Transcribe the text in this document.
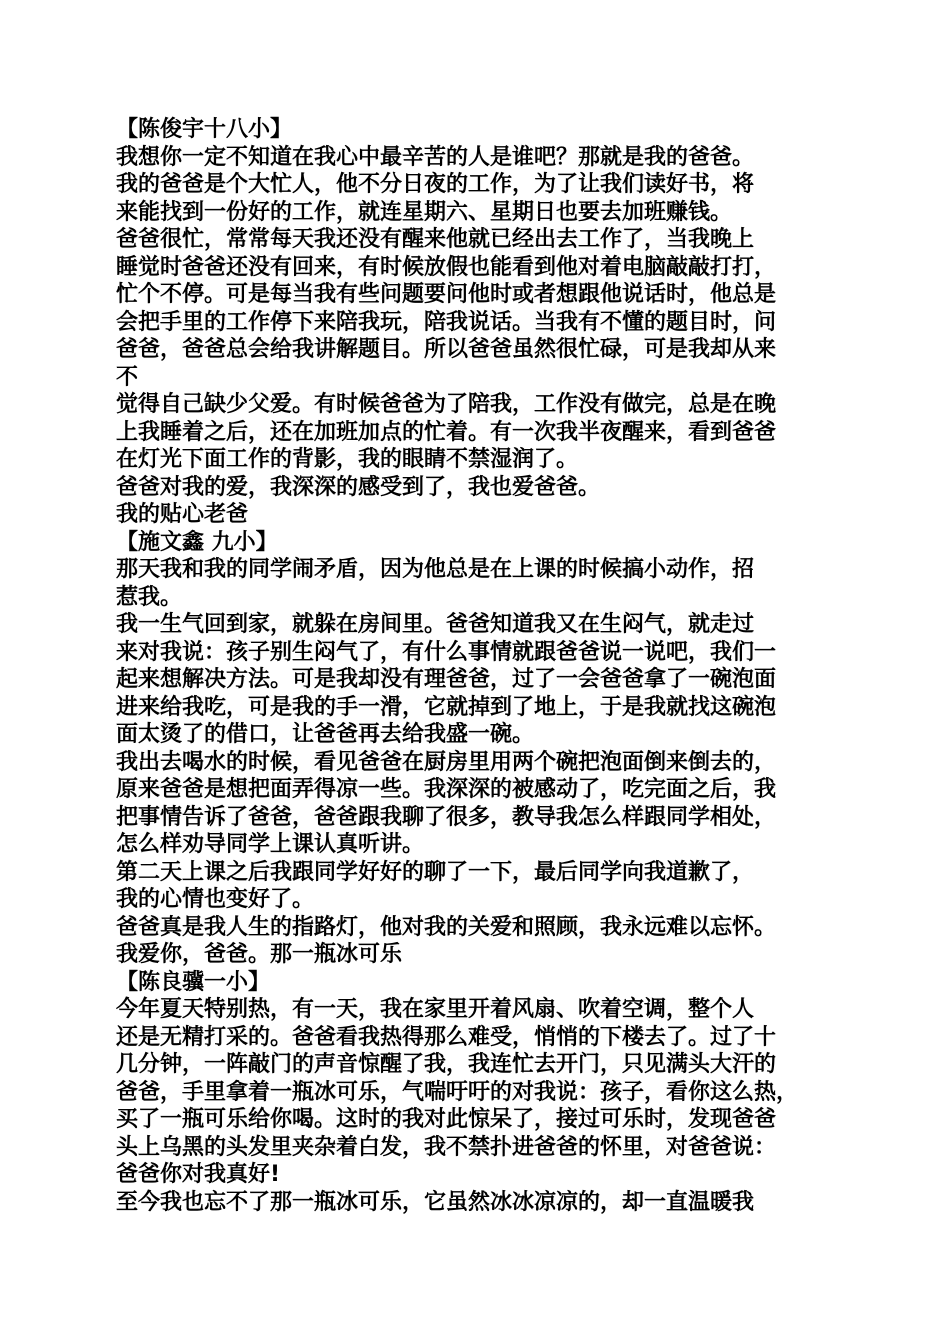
【陈俊宇十八小】
我想你一定不知道在我心中最辛苦的人是谁吧？那就是我的爸爸。
我的爸爸是个大忙人，他不分日夜的工作，为了让我们读好书，将
来能找到一份好的工作，就连星期六、星期日也要去加班赚钱。
爸爸很忙，常常每天我还没有醒来他就已经出去工作了，当我晚上
睡觉时爸爸还没有回来，有时候放假也能看到他对着电脑敲敲打打，
忙个不停。可是每当我有些问题要问他时或者想跟他说话时，他总是
会把手里的工作停下来陪我玩，陪我说话。当我有不懂的题目时，问
爸爸，爸爸总会给我讲解题目。所以爸爸虽然很忙碌，可是我却从来
不
觉得自己缺少父爱。有时候爸爸为了陪我，工作没有做完，总是在晚
上我睡着之后，还在加班加点的忙着。有一次我半夜醒来，看到爸爸
在灯光下面工作的背影，我的眼睛不禁湿润了。
爸爸对我的爱，我深深的感受到了，我也爱爸爸。
我的贴心老爸
【施文鑫 九小】
那天我和我的同学闹矛盾，因为他总是在上课的时候搞小动作，招
惹我。
我一生气回到家，就躲在房间里。爸爸知道我又在生闷气，就走过
来对我说：孩子别生闷气了，有什么事情就跟爸爸说一说吧，我们一
起来想解决方法。可是我却没有理爸爸，过了一会爸爸拿了一碗泡面
进来给我吃，可是我的手一滑，它就掉到了地上，于是我就找这碗泡
面太烫了的借口，让爸爸再去给我盛一碗。
我出去喝水的时候，看见爸爸在厨房里用两个碗把泡面倒来倒去的，
原来爸爸是想把面弄得凉一些。我深深的被感动了，吃完面之后，我
把事情告诉了爸爸，爸爸跟我聊了很多，教导我怎么样跟同学相处，
怎么样劝导同学上课认真听讲。
第二天上课之后我跟同学好好的聊了一下，最后同学向我道歉了，
我的心情也变好了。
爸爸真是我人生的指路灯，他对我的关爱和照顾，我永远难以忘怀。
我爱你，爸爸。那一瓶冰可乐
【陈良骥一小】
今年夏天特别热，有一天，我在家里开着风扇、吹着空调，整个人
还是无精打采的。爸爸看我热得那么难受，悄悄的下楼去了。过了十
几分钟，一阵敲门的声音惊醒了我，我连忙去开门，只见满头大汗的
爸爸，手里拿着一瓶冰可乐，气喘吁吁的对我说：孩子，看你这么热，
买了一瓶可乐给你喝。这时的我对此惊呆了，接过可乐时，发现爸爸
头上乌黑的头发里夹杂着白发，我不禁扑进爸爸的怀里，对爸爸说：
爸爸你对我真好!
至今我也忘不了那一瓶冰可乐，它虽然冰冰凉凉的，却一直温暖我
